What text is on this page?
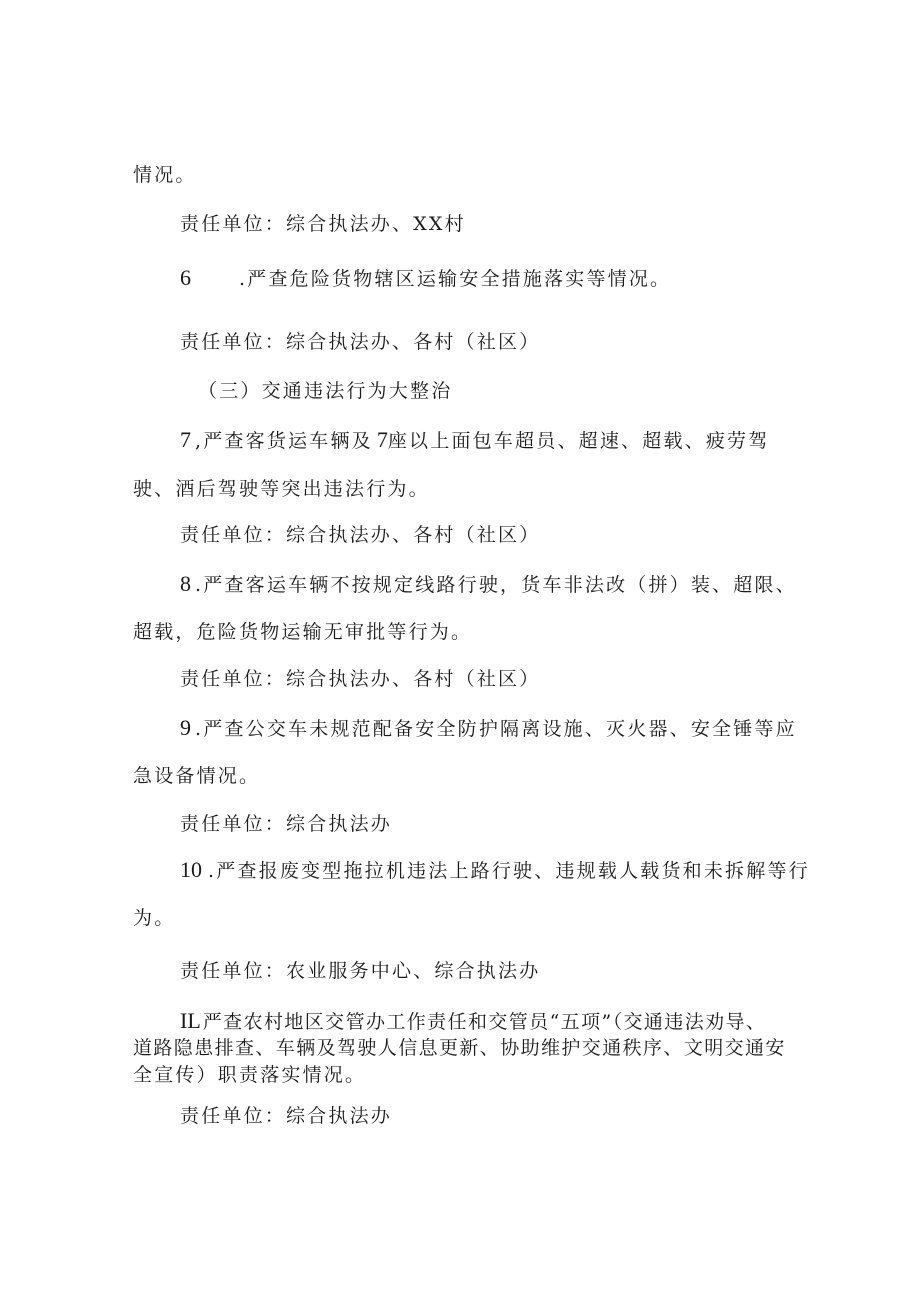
情况。
责任单位：综合执法办、XX村
6	.严查危险货物辖区运输安全措施落实等情况。
责任单位：综合执法办、各村（社区）
（三）交通违法行为大整治
7 ,严查客货运车辆及 7座以上面包车超员、超速、超载、疲劳驾
驶、酒后驾驶等突出违法行为。
责任单位：综合执法办、各村（社区）
8 .严查客运车辆不按规定线路行驶，货车非法改（拼）装、超限、
超载，危险货物运输无审批等行为。
责任单位：综合执法办、各村（社区）
9 .严查公交车未规范配备安全防护隔离设施、灭火器、安全锤等应
急设备情况。
责任单位：综合执法办
10 .严查报废变型拖拉机违法上路行驶、违规载人载货和未拆解等行
为。
责任单位：农业服务中心、综合执法办
IL 严查农村地区交管办工作责任和交管员“五项”（交通违法劝导、
道路隐患排查、车辆及驾驶人信息更新、协助维护交通秩序、文明交通安
全宣传）职责落实情况。
责任单位：综合执法办
